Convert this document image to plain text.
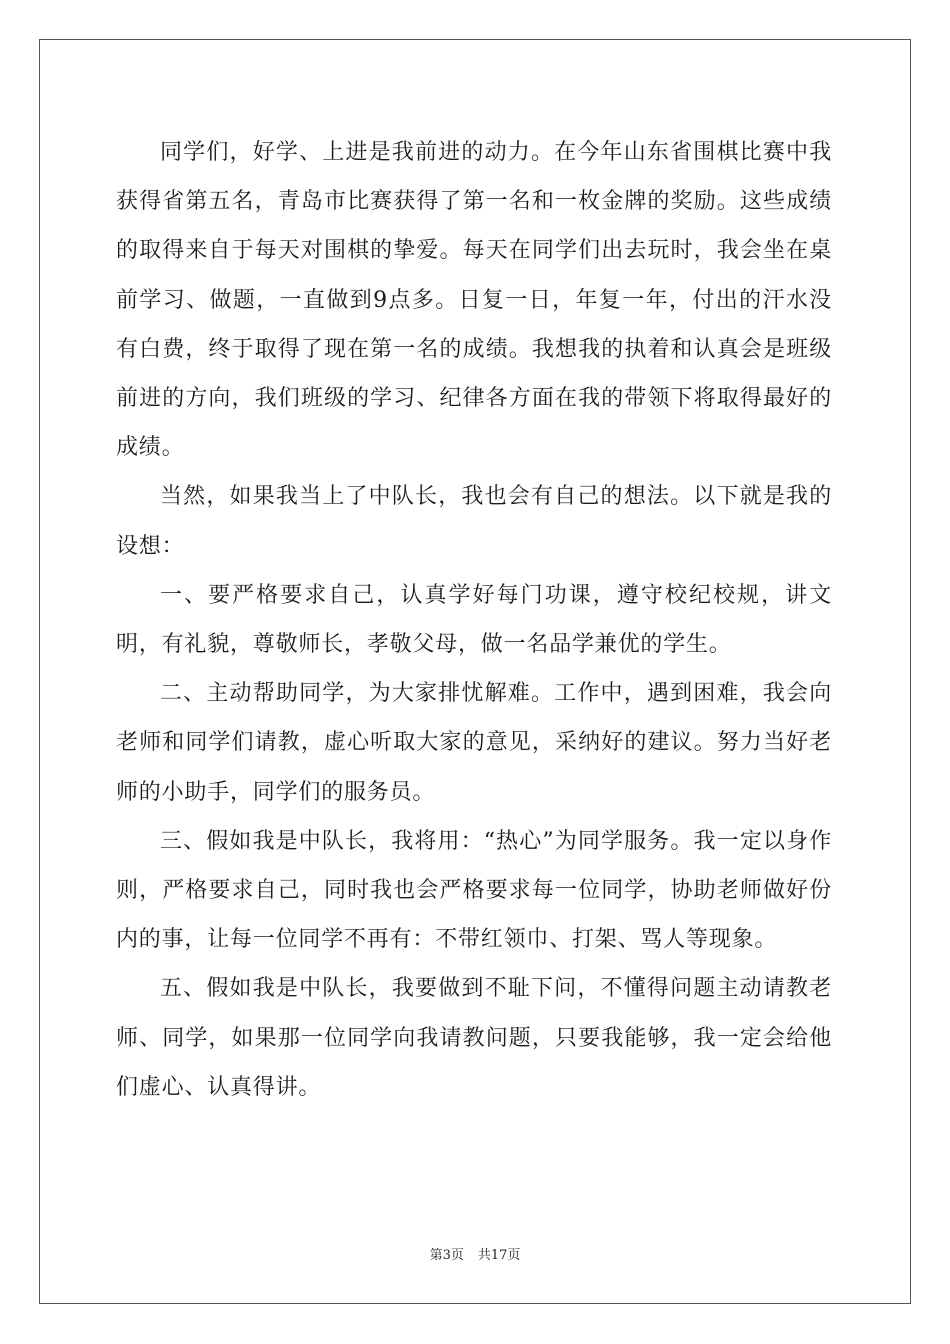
同学们，好学、上进是我前进的动力。在今年山东省围棋比赛中我获得省第五名，青岛市比赛获得了第一名和一枚金牌的奖励。这些成绩的取得来自于每天对围棋的挚爱。每天在同学们出去玩时，我会坐在桌前学习、做题，一直做到9点多。日复一日，年复一年，付出的汗水没有白费，终于取得了现在第一名的成绩。我想我的执着和认真会是班级前进的方向，我们班级的学习、纪律各方面在我的带领下将取得最好的成绩。

当然，如果我当上了中队长，我也会有自己的想法。以下就是我的设想：

一、要严格要求自己，认真学好每门功课，遵守校纪校规，讲文明，有礼貌，尊敬师长，孝敬父母，做一名品学兼优的学生。

二、主动帮助同学，为大家排忧解难。工作中，遇到困难，我会向老师和同学们请教，虚心听取大家的意见，采纳好的建议。努力当好老师的小助手，同学们的服务员。

三、假如我是中队长，我将用：“热心”为同学服务。我一定以身作则，严格要求自己，同时我也会严格要求每一位同学，协助老师做好份内的事，让每一位同学不再有：不带红领巾、打架、骂人等现象。

五、假如我是中队长，我要做到不耻下问，不懂得问题主动请教老师、同学，如果那一位同学向我请教问题，只要我能够，我一定会给他们虚心、认真得讲。

第3页 共17页
